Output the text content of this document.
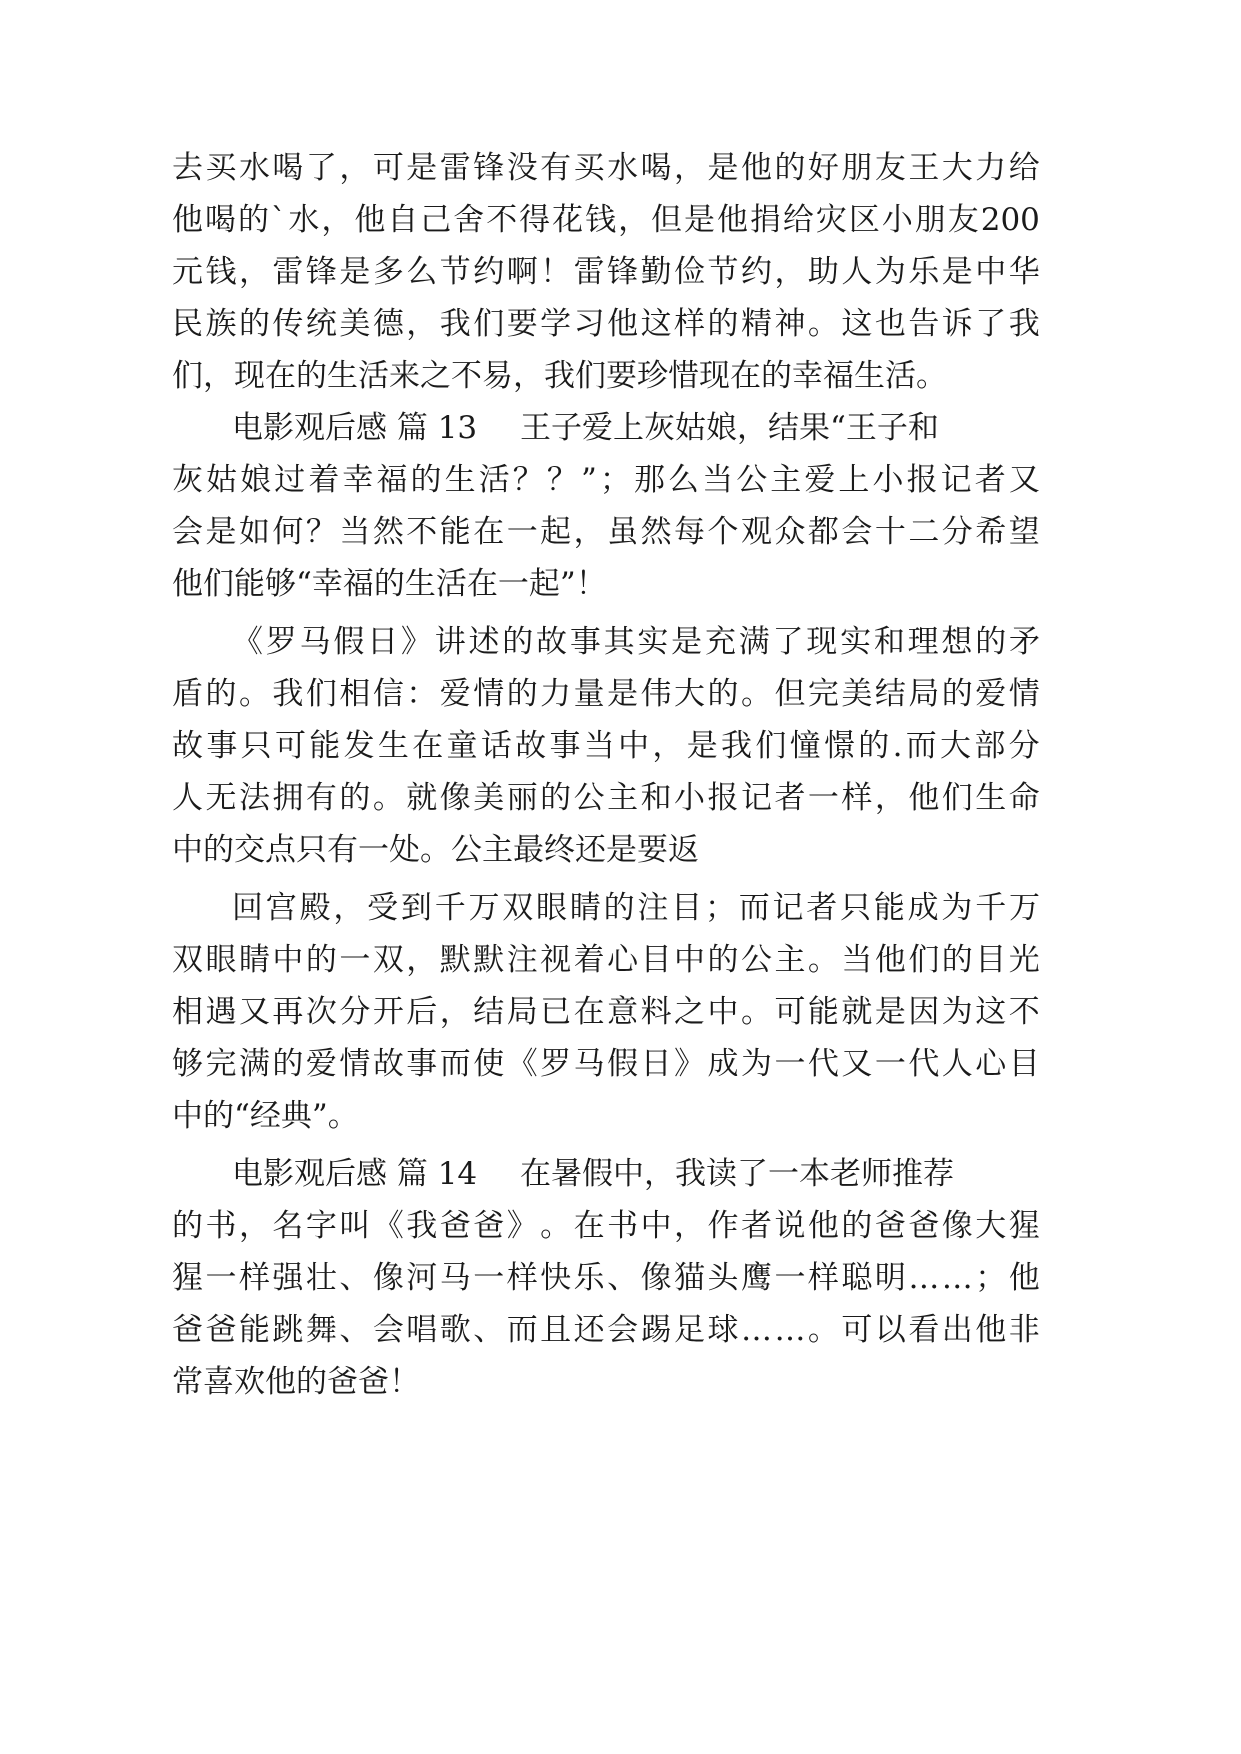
去 买 水 喝 了 ， 可 是 雷 锋 没 有 买 水 喝 ， 是 他 的 好 朋 友 王 大 力 给
他 喝 的 ` 水 ， 他 自 己 舍 不 得 花 钱 ， 但 是 他 捐 给 灾 区 小 朋 友 200
元 钱 ， 雷 锋 是 多 么 节 约 啊 ！ 雷 锋 勤 俭 节 约 ， 助 人 为 乐 是 中 华
民 族 的 传 统 美 德 ， 我 们 要 学 习 他 这 样 的 精 神 。 这 也 告 诉 了 我
们，现在的生活来之不易，我们要珍惜现在的幸福生活。
电影观后感 篇 13 王子爱上灰姑娘，结果“王子和
灰 姑 娘 过 着 幸 福 的 生 活 ？ ？ ” ； 那 么 当 公 主 爱 上 小 报 记 者 又
会 是 如 何 ？ 当 然 不 能 在 一 起 ， 虽 然 每 个 观 众 都 会 十 二 分 希 望
他们能够“幸福的生活在一起”！
《 罗 马 假 日 》 讲 述 的 故 事 其 实 是 充 满 了 现 实 和 理 想 的 矛
盾 的 。 我 们 相 信 ： 爱 情 的 力 量 是 伟 大 的 。 但 完 美 结 局 的 爱 情
故 事 只 可 能 发 生 在 童 话 故 事 当 中 ， 是 我 们 憧 憬 的 . 而 大 部 分
人 无 法 拥 有 的 。 就 像 美 丽 的 公 主 和 小 报 记 者 一 样 ， 他 们 生 命
中的交点只有一处。公主最终还是要返
回 宫 殿 ， 受 到 千 万 双 眼 睛 的 注 目 ； 而 记 者 只 能 成 为 千 万
双 眼 睛 中 的 一 双 ， 默 默 注 视 着 心 目 中 的 公 主 。 当 他 们 的 目 光
相 遇 又 再 次 分 开 后 ， 结 局 已 在 意 料 之 中 。 可 能 就 是 因 为 这 不
够 完 满 的 爱 情 故 事 而 使 《 罗 马 假 日 》 成 为 一 代 又 一 代 人 心 目
中的“经典”。
电影观后感 篇 14 在暑假中，我读了一本老师推荐
的 书 ， 名 字 叫 《 我 爸 爸 》 。 在 书 中 ， 作 者 说 他 的 爸 爸 像 大 猩
猩 一 样 强 壮 、 像 河 马 一 样 快 乐 、 像 猫 头 鹰 一 样 聪 明 … … ； 他
爸 爸 能 跳 舞 、 会 唱 歌 、 而 且 还 会 踢 足 球 … … 。 可 以 看 出 他 非
常喜欢他的爸爸！
